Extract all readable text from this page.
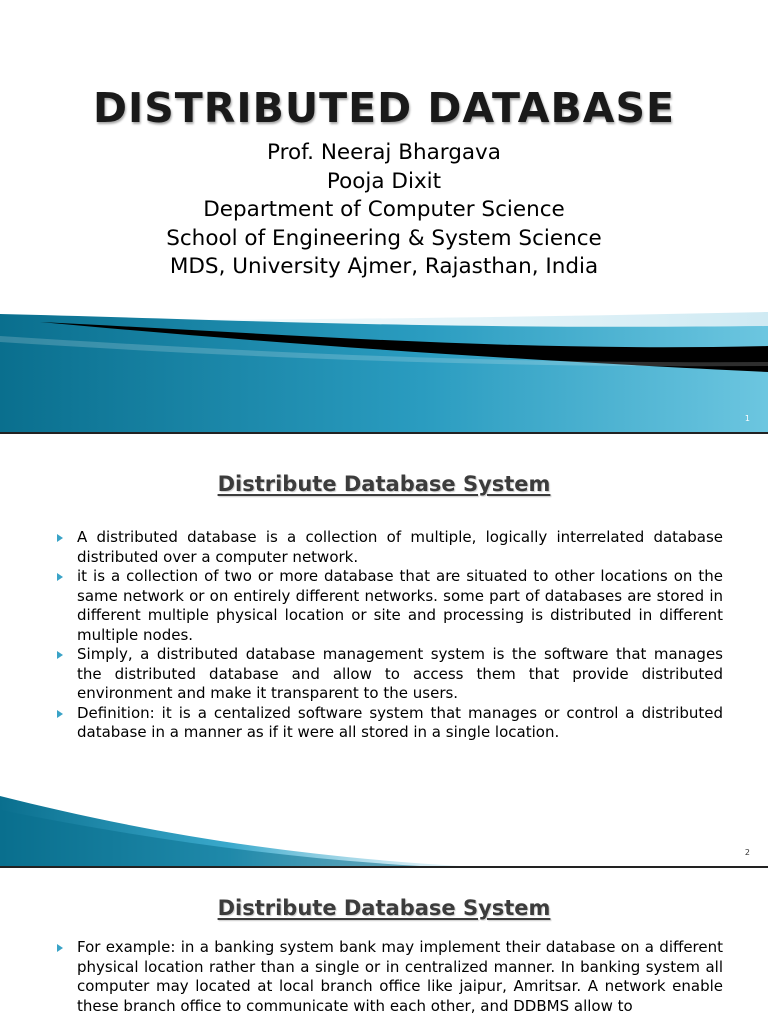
DISTRIBUTED DATABASE
Prof. Neeraj Bhargava
Pooja Dixit
Department of Computer Science
School of Engineering & System Science
MDS, University Ajmer, Rajasthan, India
1
Distribute Database System
A distributed database is a collection of multiple, logically interrelated database distributed over a computer network.
it is a collection of two or more database that are situated to other locations on the same network or on entirely different networks. some part of databases are stored in different multiple physical location or site and processing is distributed in different multiple nodes.
Simply, a distributed database management system is the software that manages the distributed database and allow to access them that provide distributed environment and make it transparent to the users.
Definition: it is a centalized software system that manages or control a distributed database in a manner as if it were all stored in a single location.
2
Distribute Database System
For example: in a banking system bank may implement their database on a different physical location rather than a single or in centralized manner. In banking system all computer may located at local branch office like jaipur, Amritsar. A network enable these branch office to communicate with each other, and DDBMS allow to
